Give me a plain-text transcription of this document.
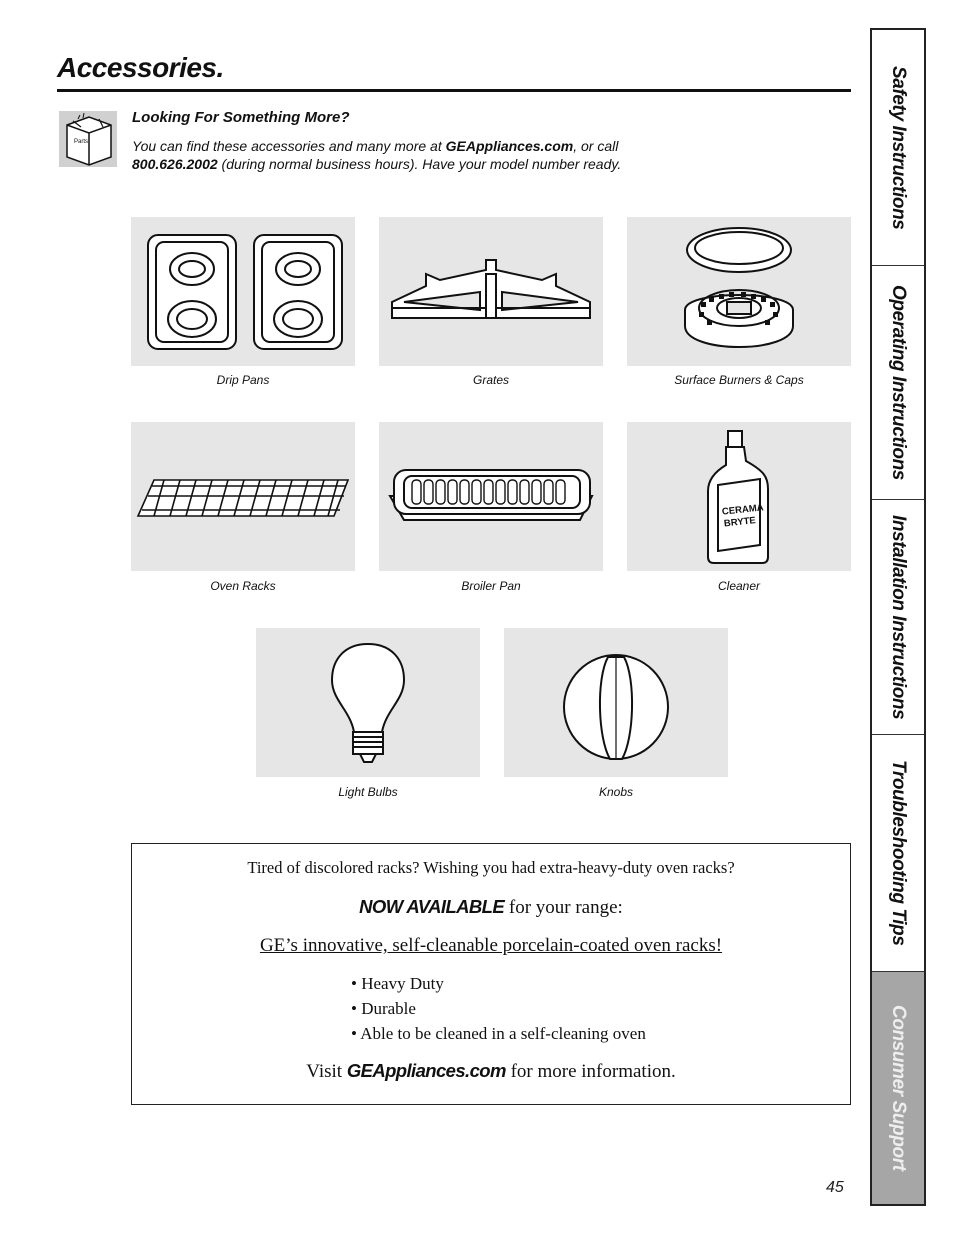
Accessories.
Parts
Looking For Something More?
You can find these accessories and many more at GEAppliances.com, or call
800.626.2002 (during normal business hours). Have your model number ready.
Drip Pans	Grates	Surface Burners & Caps
Oven Racks	Broiler Pan
CERAMA
BRYTE
Cleaner
Light Bulbs	Knobs
Tired of discolored racks? Wishing you had extra-heavy-duty oven racks?
NOW AVAILABLE for your range:
GE’s innovative, self-cleanable porcelain-coated oven racks!
• Heavy Duty
• Durable
• Able to be cleaned in a self-cleaning oven
Visit GEAppliances.com for more information.
45
Safety Instructions
Operating Instructions
Installation Instructions
Troubleshooting Tips
Consumer Support
